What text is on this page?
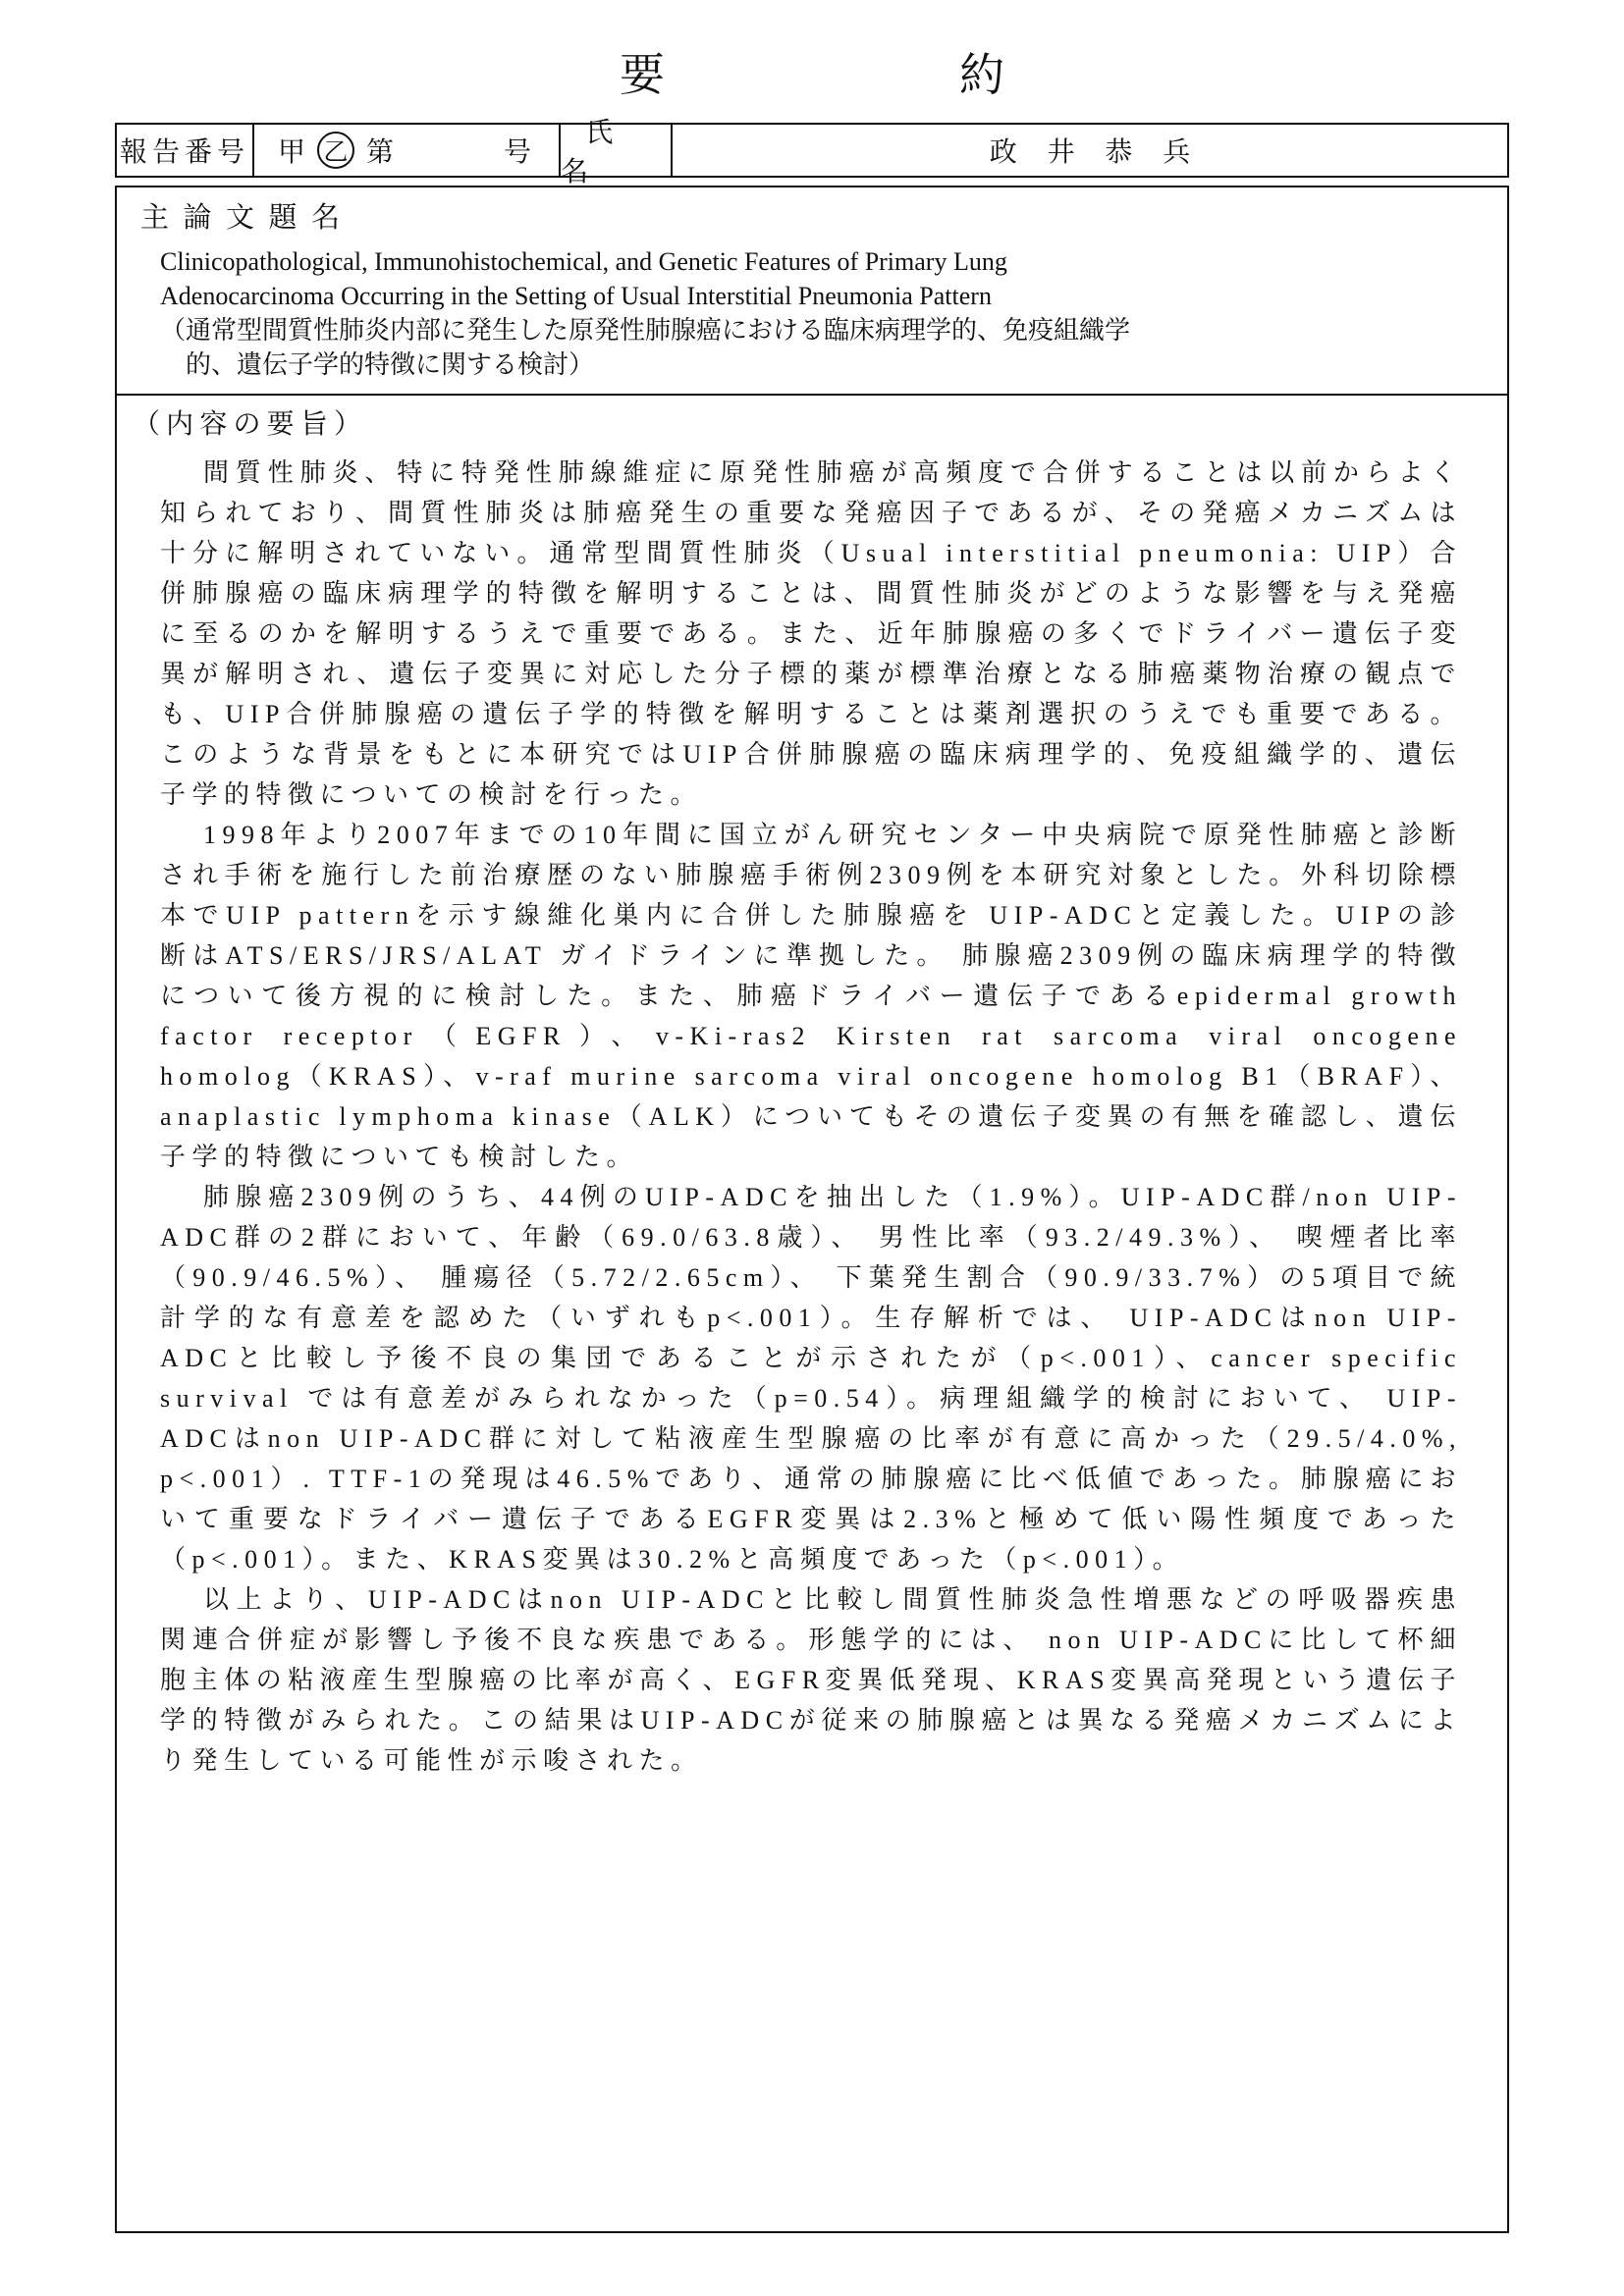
要	約
報告番号 甲 乙 第	号
氏名
政井恭兵
主論文題名
Clinicopathological, Immunohistochemical, and Genetic Features of Primary Lung
Adenocarcinoma Occurring in the Setting of Usual Interstitial Pneumonia Pattern
（通常型間質性肺炎内部に発生した原発性肺腺癌における臨床病理学的、免疫組織学
的、遺伝子学的特徴に関する検討）
（内容の要旨）

間質性肺炎、特に特発性肺線維症に原発性肺癌が高頻度で合併することは以前からよく知られており、間質性肺炎は肺癌発生の重要な発癌因子であるが、その発癌メカニズムは十分に解明されていない。通常型間質性肺炎（Usual interstitial pneumonia: UIP）合併肺腺癌の臨床病理学的特徴を解明することは、間質性肺炎がどのような影響を与え発癌に至るのかを解明するうえで重要である。また、近年肺腺癌の多くでドライバー遺伝子変異が解明され、遺伝子変異に対応した分子標的薬が標準治療となる肺癌薬物治療の観点でも、UIP合併肺腺癌の遺伝子学的特徴を解明することは薬剤選択のうえでも重要である。このような背景をもとに本研究ではUIP合併肺腺癌の臨床病理学的、免疫組織学的、遺伝子学的特徴についての検討を行った。

1998年より2007年までの10年間に国立がん研究センター中央病院で原発性肺癌と診断され手術を施行した前治療歴のない肺腺癌手術例2309例を本研究対象とした。外科切除標本でUIP patternを示す線維化巣内に合併した肺腺癌を UIP-ADCと定義した。UIPの診断はATS/ERS/JRS/ALAT ガイドラインに準拠した。 肺腺癌2309例の臨床病理学的特徴について後方視的に検討した。また、肺癌ドライバー遺伝子であるepidermal growth factor receptor（EGFR）、v-Ki-ras2 Kirsten rat sarcoma viral oncogene homolog（KRAS）、v-raf murine sarcoma viral oncogene homolog B1（BRAF）、anaplastic lymphoma kinase（ALK）についてもその遺伝子変異の有無を確認し、遺伝子学的特徴についても検討した。

肺腺癌2309例のうち、44例のUIP-ADCを抽出した（1.9%）。UIP-ADC群/non UIP-ADC群の2群において、年齢（69.0/63.8歳）、 男性比率（93.2/49.3%）、 喫煙者比率（90.9/46.5%）、 腫瘍径（5.72/2.65cm）、 下葉発生割合（90.9/33.7%）の5項目で統計学的な有意差を認めた（いずれもp<.001）。生存解析では、 UIP-ADCはnon UIP-ADCと比較し予後不良の集団であることが示されたが（p<.001）、cancer specific survival では有意差がみられなかった（p=0.54）。病理組織学的検討において、 UIP-ADCはnon UIP-ADC群に対して粘液産生型腺癌の比率が有意に高かった（29.5/4.0%, p<.001）. TTF-1の発現は46.5%であり、通常の肺腺癌に比べ低値であった。肺腺癌において重要なドライバー遺伝子であるEGFR変異は2.3%と極めて低い陽性頻度であった（p<.001）。また、KRAS変異は30.2%と高頻度であった（p<.001）。

以上より、UIP-ADCはnon UIP-ADCと比較し間質性肺炎急性増悪などの呼吸器疾患関連合併症が影響し予後不良な疾患である。形態学的には、 non UIP-ADCに比して杯細胞主体の粘液産生型腺癌の比率が高く、EGFR変異低発現、KRAS変異高発現という遺伝子学的特徴がみられた。この結果はUIP-ADCが従来の肺腺癌とは異なる発癌メカニズムにより発生している可能性が示唆された。
